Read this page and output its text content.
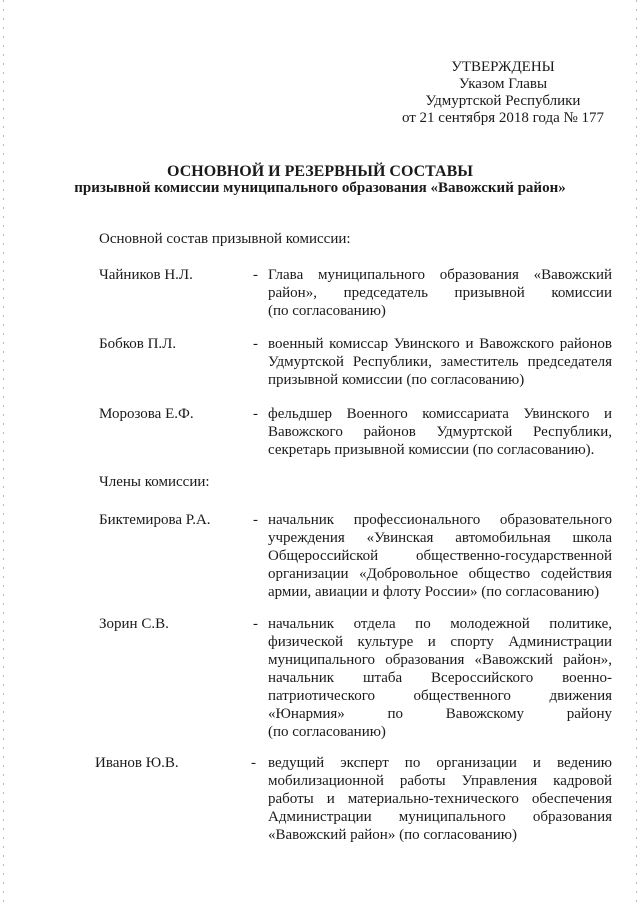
УТВЕРЖДЕНЫ
Указом Главы
Удмуртской Республики
от 21 сентября 2018 года № 177
ОСНОВНОЙ И РЕЗЕРВНЫЙ СОСТАВЫ
призывной комиссии муниципального образования «Вавожский район»
Основной состав призывной комиссии:
Чайников Н.Л.	- Глава муниципального образования «Вавожский
район», председатель призывной комиссии
(по согласованию)
Бобков П.Л.	- военный комиссар Увинского и Вавожского районов
Удмуртской Республики, заместитель председателя
призывной комиссии (по согласованию)
Морозова Е.Ф.	- фельдшер Военного комиссариата Увинского и
Вавожского районов Удмуртской Республики,
секретарь призывной комиссии (по согласованию).
Члены комиссии:
Биктемирова Р.А.	- начальник профессионального образовательного
учреждения «Увинская автомобильная школа
Общероссийской общественно-государственной
организации «Добровольное общество содействия
армии, авиации и флоту России» (по согласованию)
Зорин С.В.	- начальник отдела по молодежной политике,
физической культуре и спорту Администрации
муниципального образования «Вавожский район»,
начальник штаба Всероссийского военно-
патриотического общественного движения
«Юнармия» по Вавожскому району
(по согласованию)
Иванов Ю.В.	- ведущий эксперт по организации и ведению
мобилизационной работы Управления кадровой
работы и материально-технического обеспечения
Администрации муниципального образования
«Вавожский район» (по согласованию)
